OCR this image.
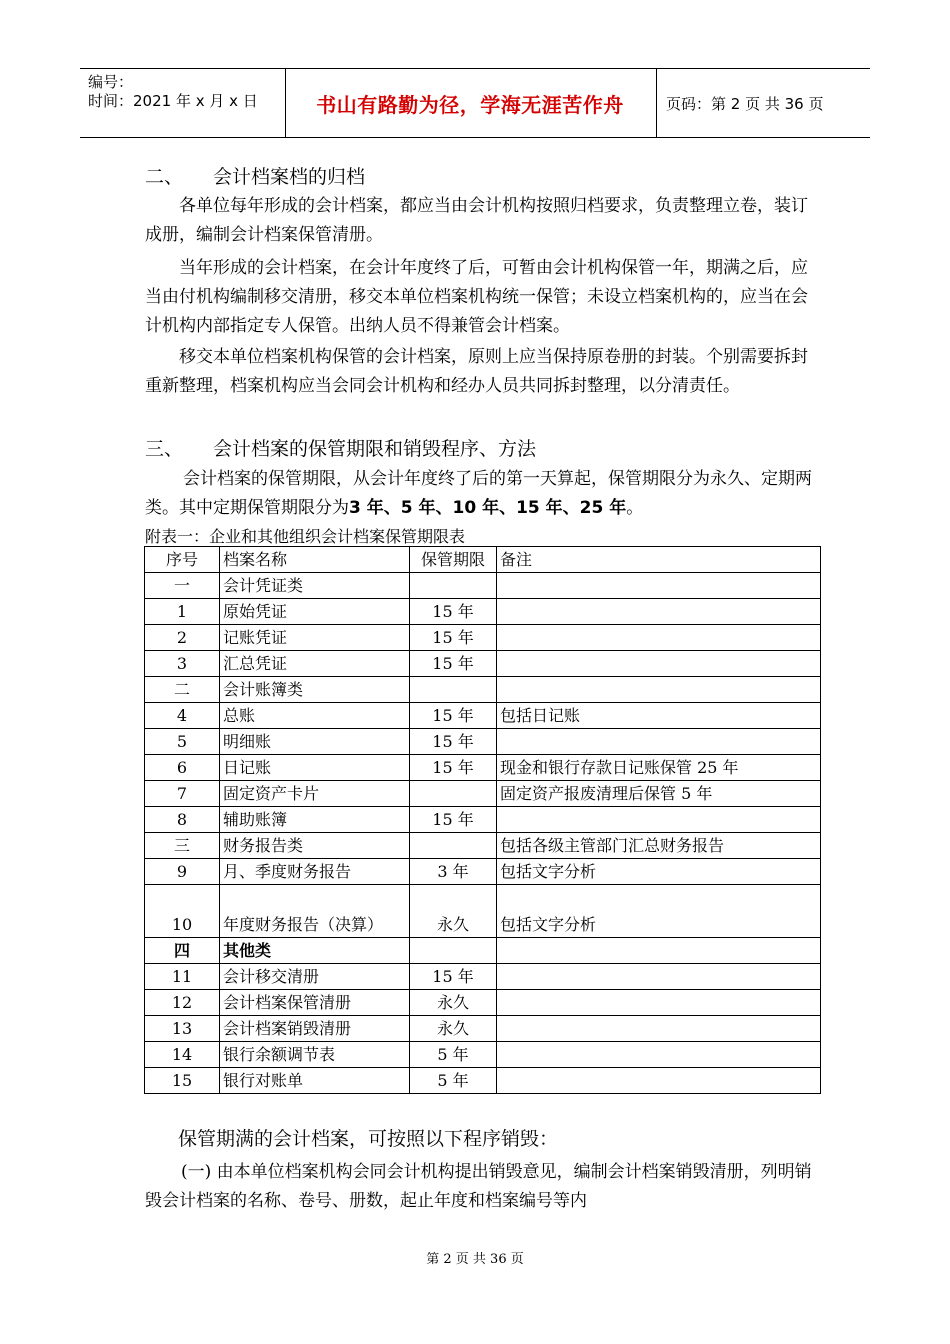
编号：
时间：2021 年 x 月 x 日	书山有路勤为径，学海无涯苦作舟	页码：第 2 页 共 36 页
二、 会计档案档的归档
各单位每年形成的会计档案，都应当由会计机构按照归档要求，负责整理立卷，装订成册，编制会计档案保管清册。
当年形成的会计档案，在会计年度终了后，可暂由会计机构保管一年，期满之后，应当由付机构编制移交清册，移交本单位档案机构统一保管；未设立档案机构的，应当在会计机构内部指定专人保管。出纳人员不得兼管会计档案。
移交本单位档案机构保管的会计档案，原则上应当保持原卷册的封装。个别需要拆封重新整理，档案机构应当会同会计机构和经办人员共同拆封整理，以分清责任。
三、 会计档案的保管期限和销毁程序、方法
会计档案的保管期限，从会计年度终了后的第一天算起，保管期限分为永久、定期两类。其中定期保管期限分为3 年、5 年、10 年、15 年、25 年。
附表一：企业和其他组织会计档案保管期限表
序号	档案名称	保管期限	备注
一	会计凭证类		
1	原始凭证	15 年	
2	记账凭证	15 年	
3	汇总凭证	15 年	
二	会计账簿类		
4	总账	15 年	包括日记账
5	明细账	15 年	
6	日记账	15 年	现金和银行存款日记账保管 25 年
7	固定资产卡片		固定资产报废清理后保管 5 年
8	辅助账簿	15 年	
三	财务报告类		包括各级主管部门汇总财务报告
9	月、季度财务报告	3 年	包括文字分析
10	年度财务报告（决算）	永久	包括文字分析
四	其他类		
11	会计移交清册	15 年	
12	会计档案保管清册	永久	
13	会计档案销毁清册	永久	
14	银行余额调节表	5 年	
15	银行对账单	5 年	
保管期满的会计档案，可按照以下程序销毁：
(一) 由本单位档案机构会同会计机构提出销毁意见，编制会计档案销毁清册，列明销毁会计档案的名称、卷号、册数，起止年度和档案编号等内
第 2 页 共 36 页
